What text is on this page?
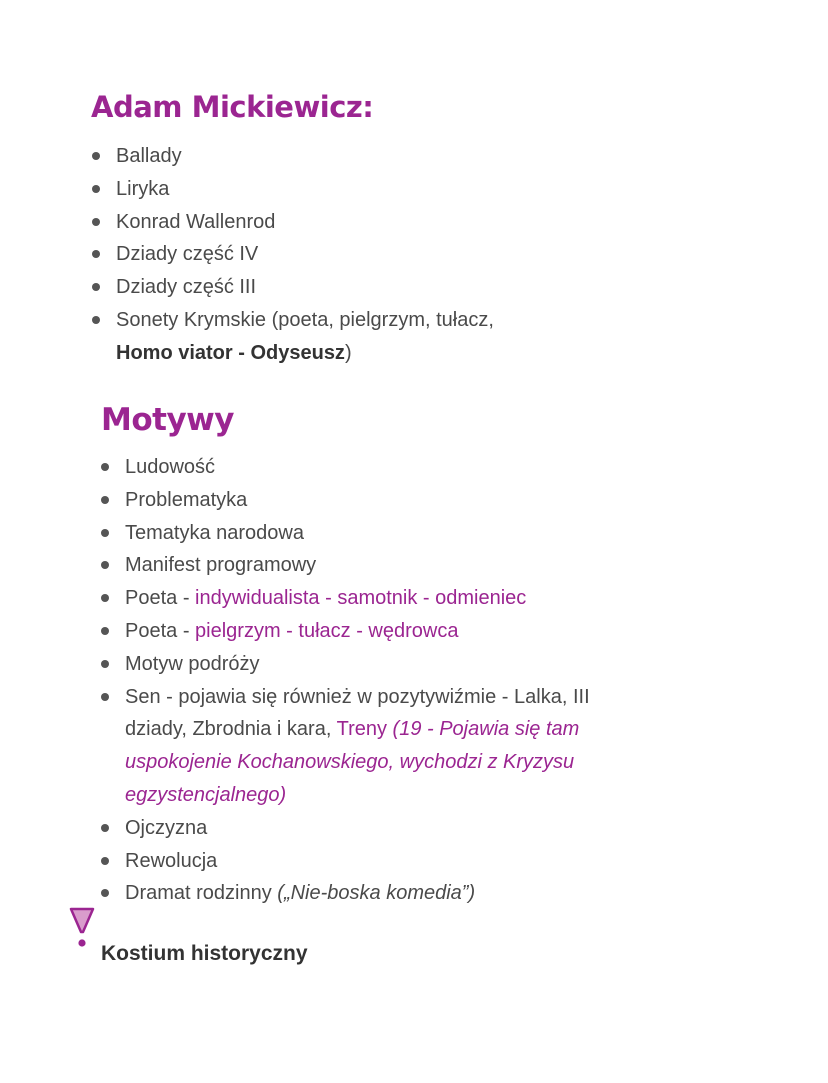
Adam Mickiewicz:
Ballady
Liryka
Konrad Wallenrod
Dziady część IV
Dziady część III
Sonety Krymskie (poeta, pielgrzym, tułacz,
Homo viator - Odyseusz)
Motywy
Ludowość
Problematyka
Tematyka narodowa
Manifest programowy
Poeta - indywidualista - samotnik - odmieniec
Poeta - pielgrzym - tułacz - wędrowca
Motyw podróży
Sen - pojawia się również w pozytywiźmie - Lalka, III
dziady, Zbrodnia i kara, Treny (19 - Pojawia się tam
uspokojenie Kochanowskiego, wychodzi z Kryzysu
egzystencjalnego)
Ojczyzna
Rewolucja
Dramat rodzinny („Nie-boska komedia”)

Kostium historyczny
